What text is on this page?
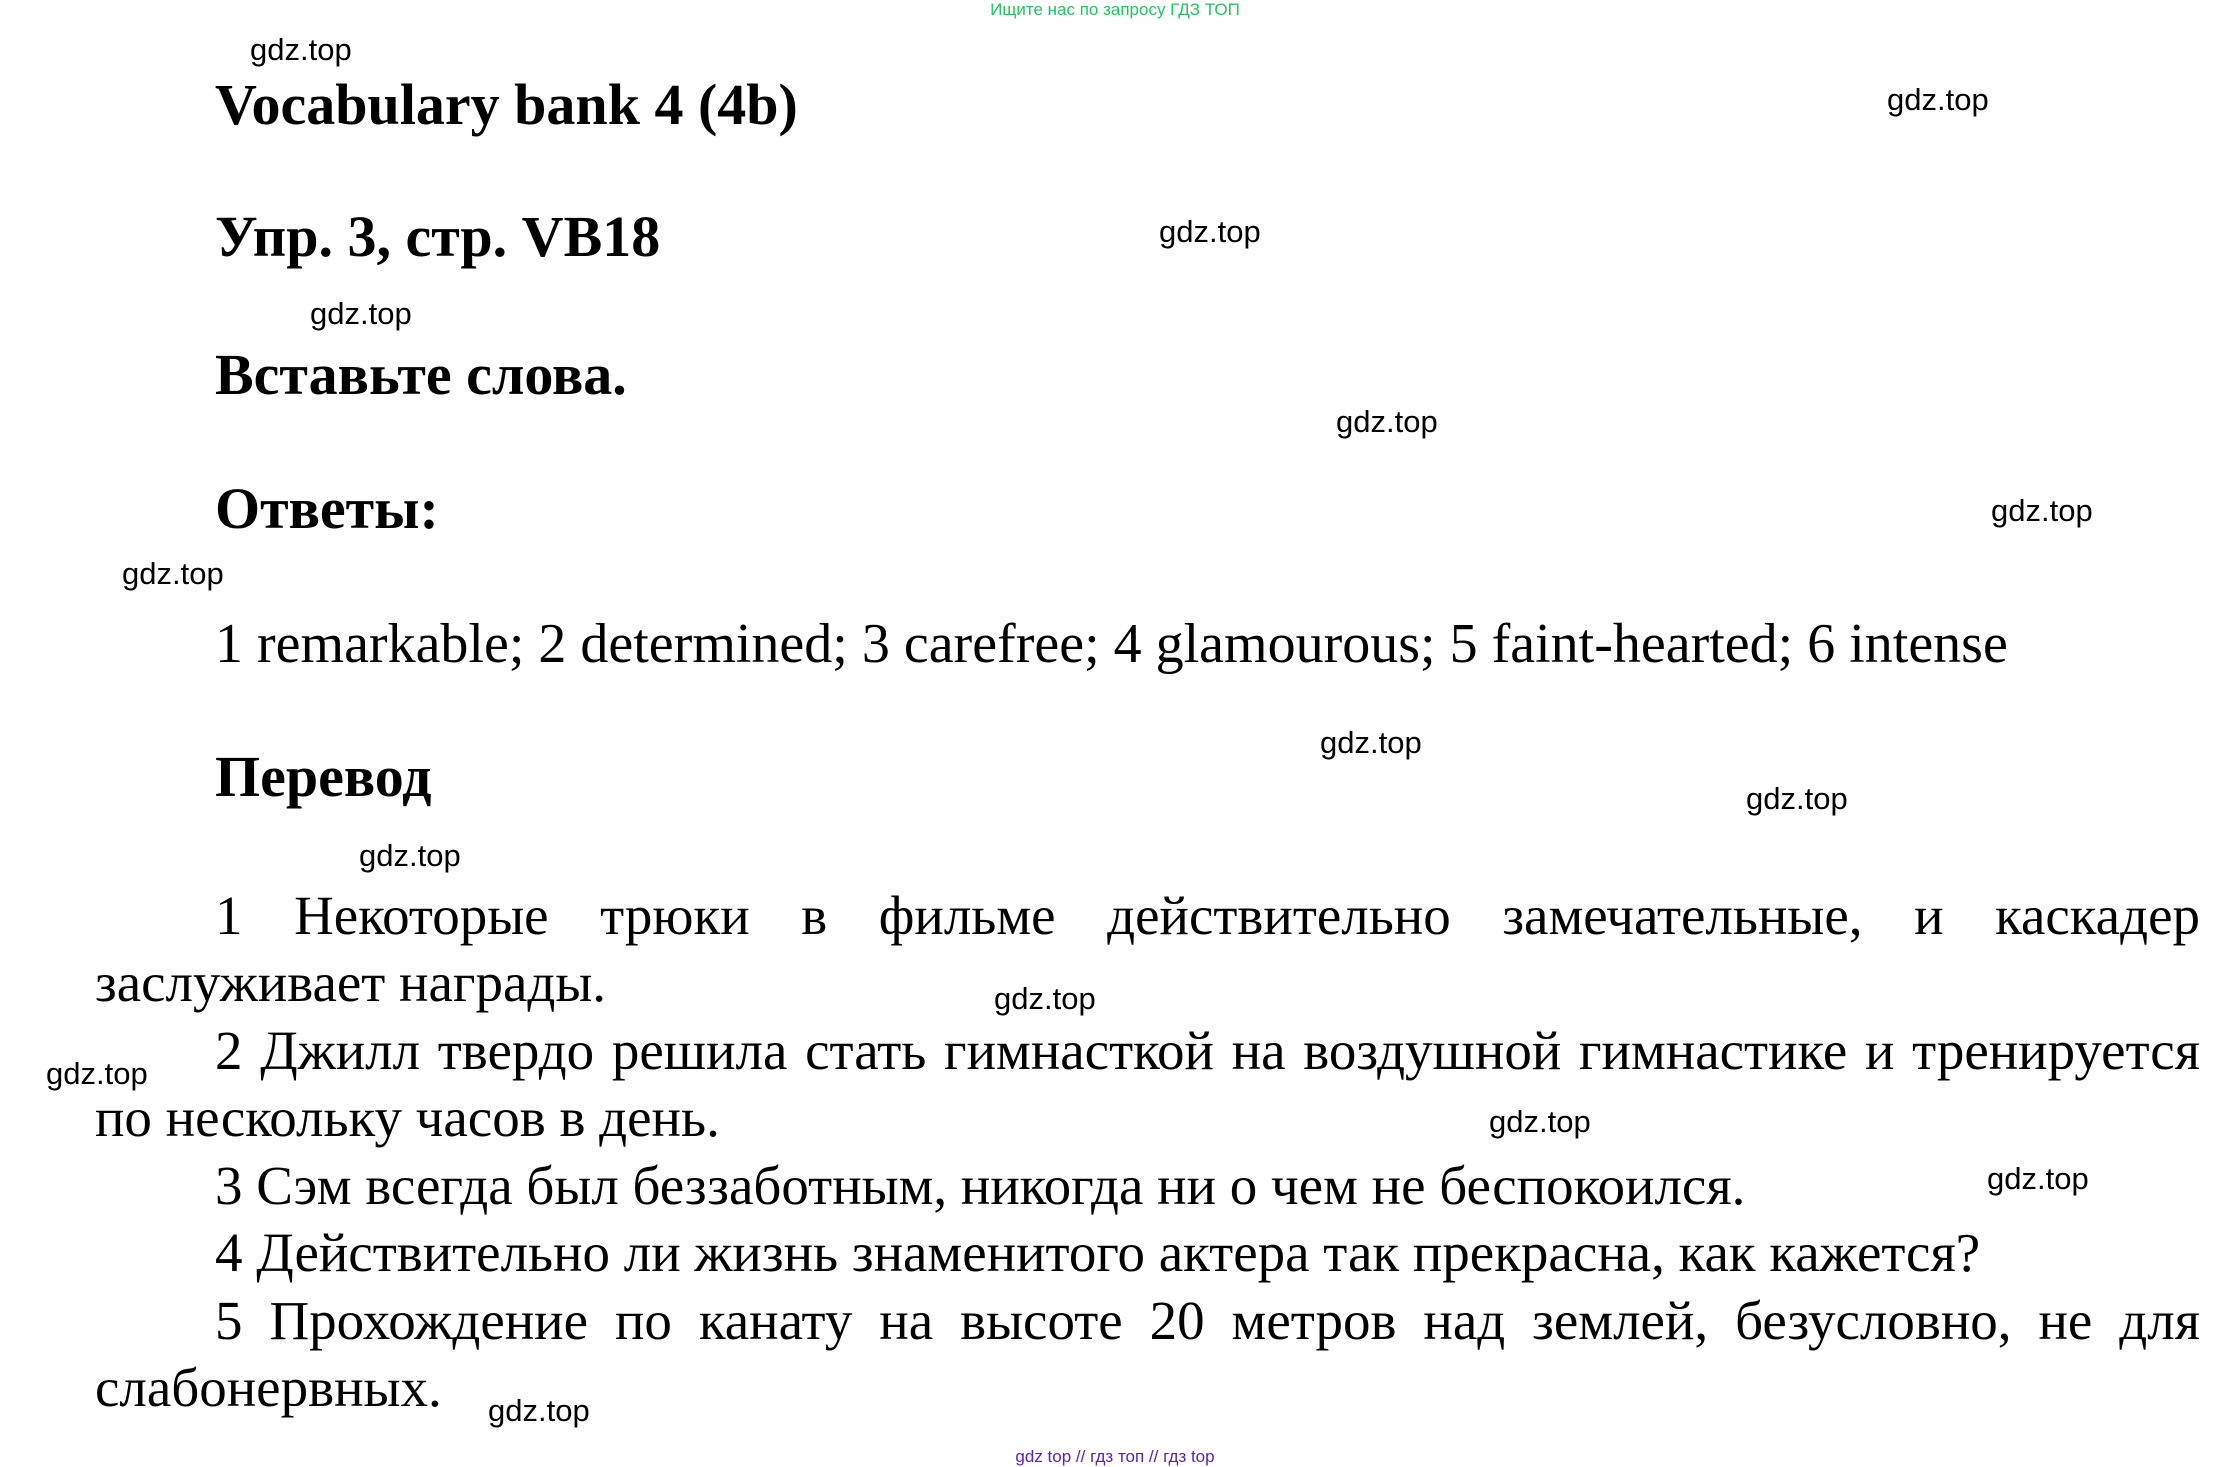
Ищите нас по запросу ГДЗ ТОП
gdz.top
gdz.top
gdz.top
gdz.top
gdz.top
gdz.top
gdz.top
gdz.top
gdz.top
gdz.top
gdz.top
gdz.top
gdz.top
gdz.top
gdz.top
Vocabulary bank 4 (4b)
Упр. 3, стр. VB18
Вставьте слова.
Ответы:
1 remarkable; 2 determined; 3 carefree; 4 glamourous; 5 faint-hearted; 6 intense
Перевод

1 Некоторые трюки в фильме действительно замечательные, и каскадер заслуживает награды.

2 Джилл твердо решила стать гимнасткой на воздушной гимнастике и тренируется по нескольку часов в день.

3 Сэм всегда был беззаботным, никогда ни о чем не беспокоился.

4 Действительно ли жизнь знаменитого актера так прекрасна, как кажется?

5 Прохождение по канату на высоте 20 метров над землей, безусловно, не для слабонервных.

gdz top // гдз топ // гдз top
